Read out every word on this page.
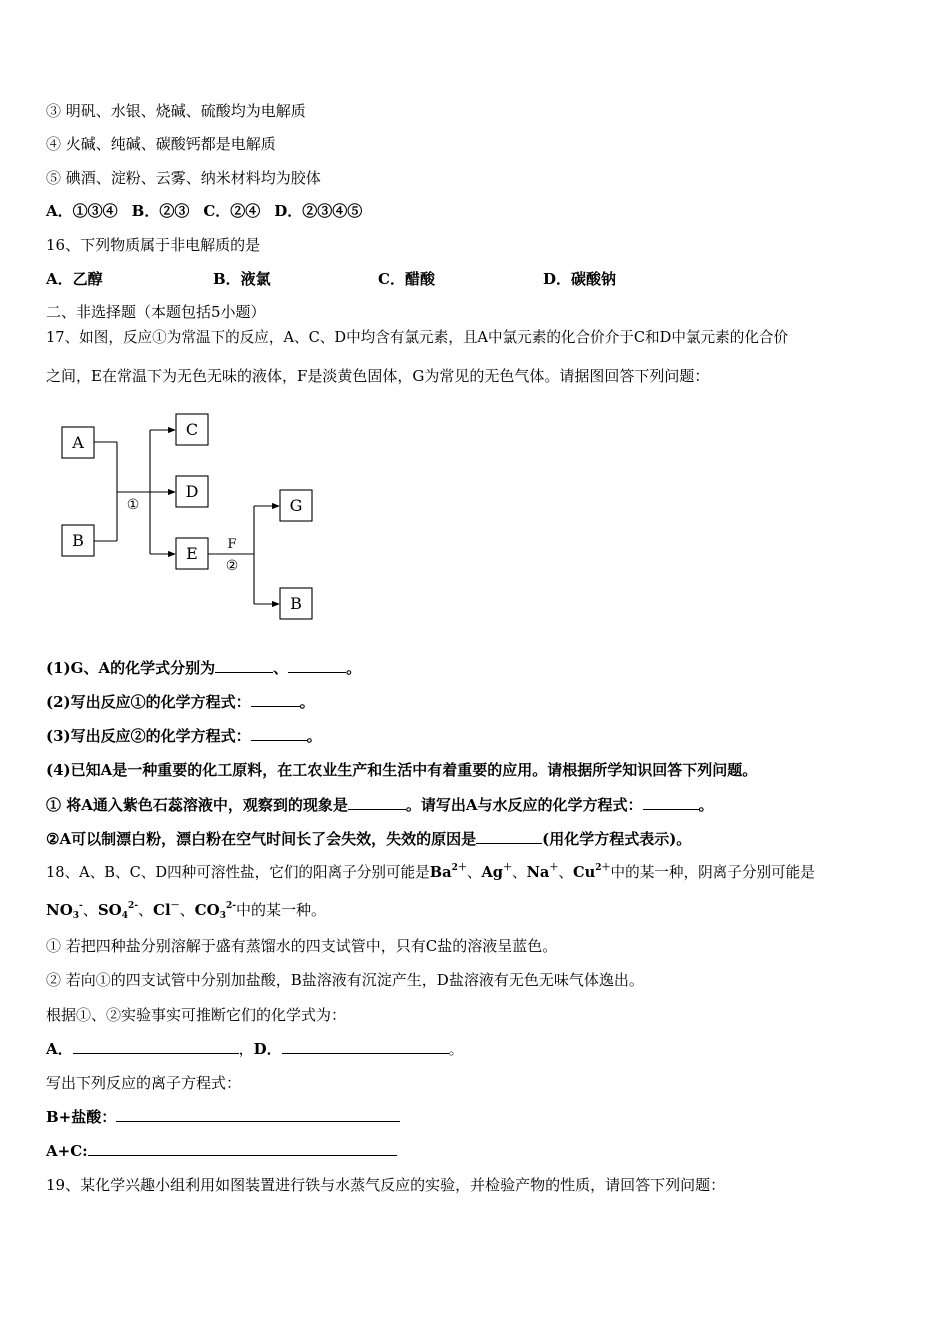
③ 明矾、水银、烧碱、硫酸均为电解质
④ 火碱、纯碱、碳酸钙都是电解质
⑤ 碘酒、淀粉、云雾、纳米材料均为胶体
A．①③④ B．②③ C．②④ D．②③④⑤
16、下列物质属于非电解质的是
A．乙醇	B．液氯	C．醋酸	D．碳酸钠
二、非选择题（本题包括5小题）
17、如图，反应①为常温下的反应，A、C、D中均含有氯元素，且A中氯元素的化合价介于C和D中氯元素的化合价
之间，E在常温下为无色无味的液体，F是淡黄色固体，G为常见的无色气体。请据图回答下列问题：
A
B
C
D
E
G
B
①
F
②
(1)G、A的化学式分别为	、	。
(2)写出反应①的化学方程式：	。
(3)写出反应②的化学方程式：	。
(4)已知A是一种重要的化工原料，在工农业生产和生活中有着重要的应用。请根据所学知识回答下列问题。
① 将A通入紫色石蕊溶液中，观察到的现象是	。请写出A与水反应的化学方程式：	。
②A可以制漂白粉，漂白粉在空气时间长了会失效，失效的原因是	(用化学方程式表示)。
18、A、B、C、D四种可溶性盐，它们的阳离子分别可能是$Ba^{2+}$、Ag＋、Na＋、$Cu^{2+}$中的某一种，阴离子分别可能是
$NO_3^-$、$SO_4^{2-}$、Cl－、$CO_3^{2-}$中的某一种。
① 若把四种盐分别溶解于盛有蒸馏水的四支试管中，只有C盐的溶液呈蓝色。
② 若向①的四支试管中分别加盐酸，B盐溶液有沉淀产生，D盐溶液有无色无味气体逸出。
根据①、②实验事实可推断它们的化学式为：
A．	，D．	。
写出下列反应的离子方程式：
B+盐酸：
A+C:
19、某化学兴趣小组利用如图装置进行铁与水蒸气反应的实验，并检验产物的性质，请回答下列问题：
